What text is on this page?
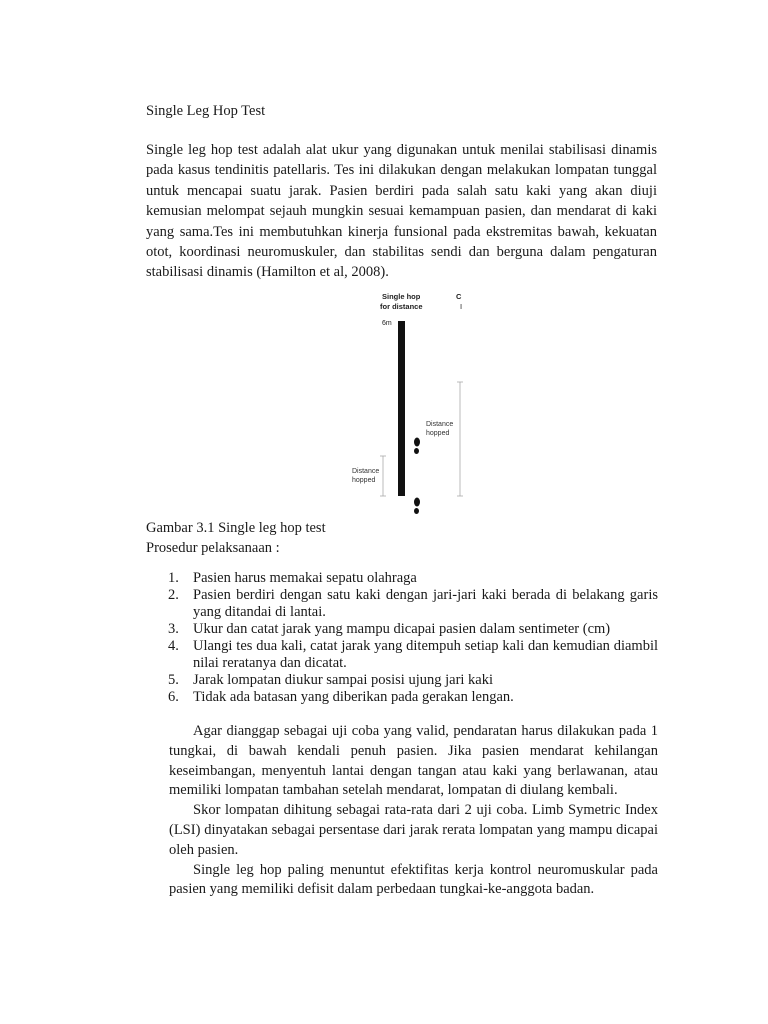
Single Leg Hop Test
Single leg hop test adalah alat ukur yang digunakan untuk menilai stabilisasi dinamis pada kasus tendinitis patellaris. Tes ini dilakukan dengan melakukan lompatan tunggal untuk mencapai suatu jarak. Pasien berdiri pada salah satu kaki yang akan diuji kemusian melompat sejauh mungkin sesuai kemampuan pasien, dan mendarat di kaki yang sama.Tes ini membutuhkan kinerja funsional pada ekstremitas bawah, kekuatan otot, koordinasi neuromuskuler, dan stabilitas sendi dan berguna dalam pengaturan stabilisasi dinamis (Hamilton et al, 2008).
Single hop
for distance
C
I
6m
Distance
hopped
Distance
hopped
Gambar 3.1 Single leg hop test
Prosedur pelaksanaan :
1. Pasien harus memakai sepatu olahraga
2. Pasien berdiri dengan satu kaki dengan jari-jari kaki berada di belakang garis yang ditandai di lantai.
3. Ukur dan catat jarak yang mampu dicapai pasien dalam sentimeter (cm)
4. Ulangi tes dua kali, catat jarak yang ditempuh setiap kali dan kemudian diambil nilai reratanya dan dicatat.
5. Jarak lompatan diukur sampai posisi ujung jari kaki
6. Tidak ada batasan yang diberikan pada gerakan lengan.

Agar dianggap sebagai uji coba yang valid, pendaratan harus dilakukan pada 1 tungkai, di bawah kendali penuh pasien. Jika pasien mendarat kehilangan keseimbangan, menyentuh lantai dengan tangan atau kaki yang berlawanan, atau memiliki lompatan tambahan setelah mendarat, lompatan di diulang kembali.

Skor lompatan dihitung sebagai rata-rata dari 2 uji coba. Limb Symetric Index (LSI) dinyatakan sebagai persentase dari jarak rerata lompatan yang mampu dicapai oleh pasien.

Single leg hop paling menuntut efektifitas kerja kontrol neuromuskular pada pasien yang memiliki defisit dalam perbedaan tungkai-ke-anggota badan.
